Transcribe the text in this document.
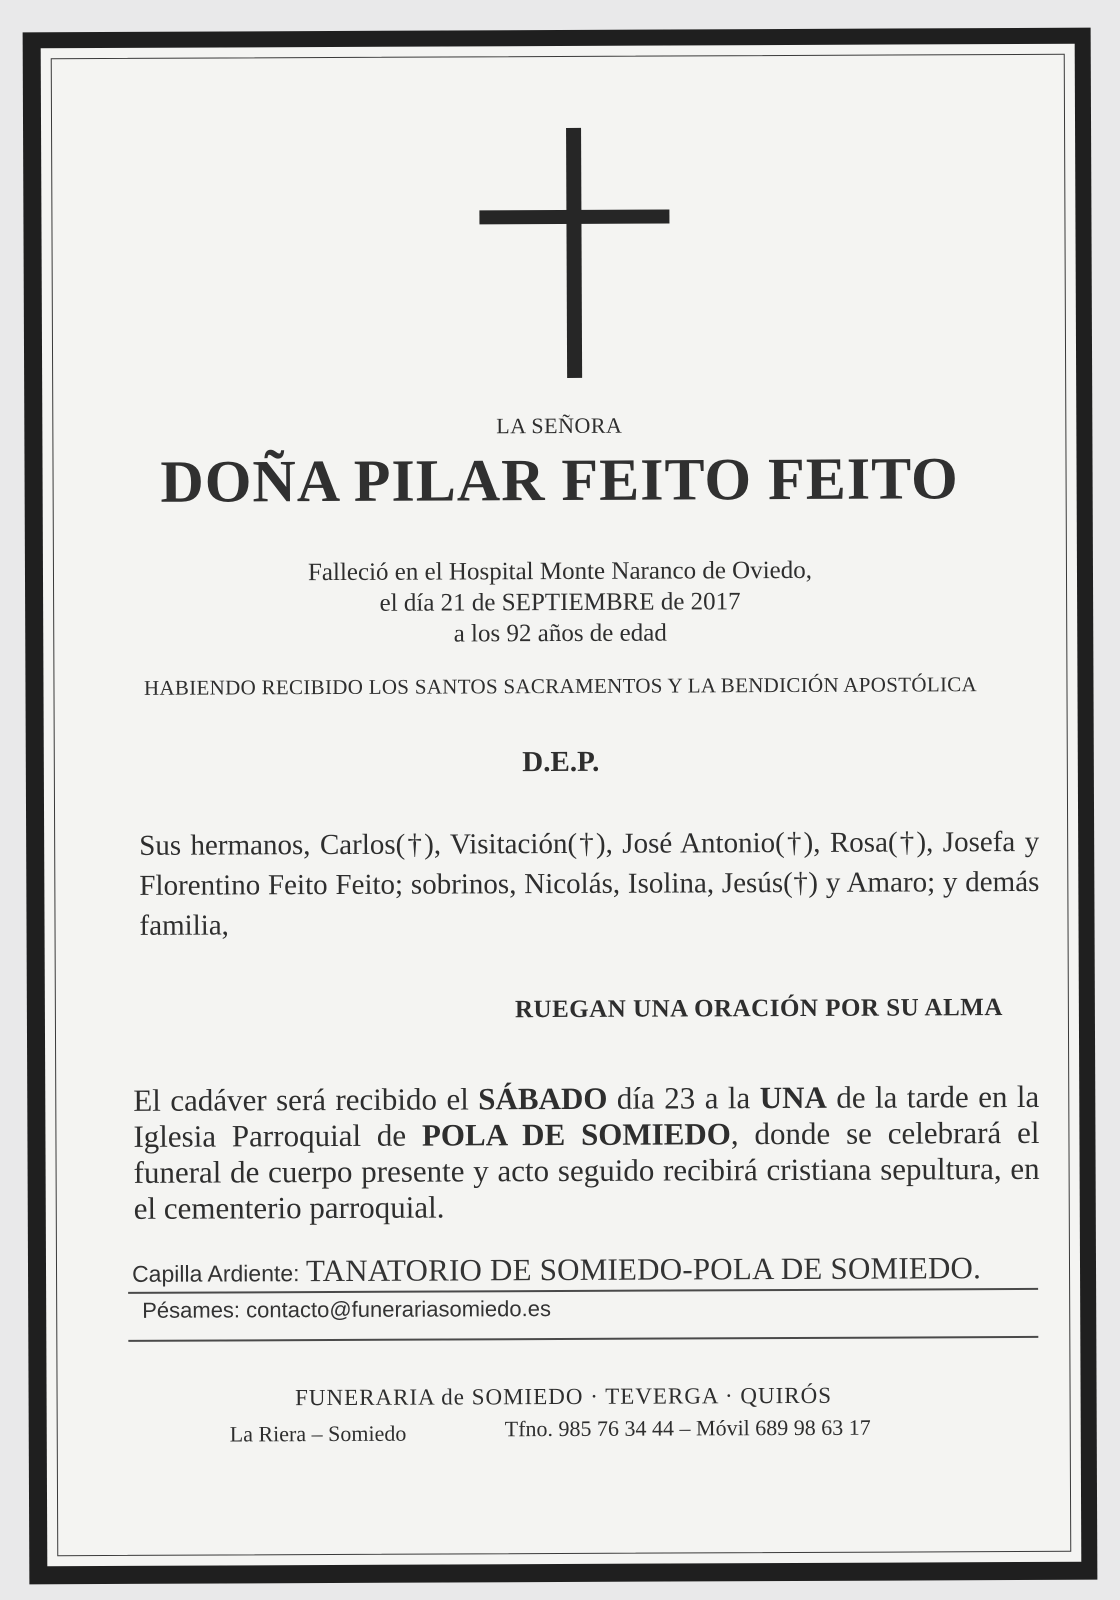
LA SEÑORA
DOÑA PILAR FEITO FEITO
Falleció en el Hospital Monte Naranco de Oviedo,
el día 21 de SEPTIEMBRE de 2017
a los 92 años de edad
HABIENDO RECIBIDO LOS SANTOS SACRAMENTOS Y LA BENDICIÓN APOSTÓLICA
D.E.P.
Sus hermanos, Carlos(†), Visitación(†), José Antonio(†), Rosa(†), Josefa y Florentino Feito Feito; sobrinos, Nicolás, Isolina, Jesús(†) y Amaro; y demás familia,
RUEGAN UNA ORACIÓN POR SU ALMA
El cadáver será recibido el SÁBADO día 23 a la UNA de la tarde en la Iglesia Parroquial de POLA DE SOMIEDO, donde se celebrará el funeral de cuerpo presente y acto seguido recibirá cristiana sepultura, en el cementerio parroquial.
Capilla Ardiente: TANATORIO DE SOMIEDO-POLA DE SOMIEDO.
Pésames: contacto@funerariasomiedo.es
FUNERARIA de SOMIEDO · TEVERGA · QUIRÓS
La Riera – Somiedo	Tfno. 985 76 34 44 – Móvil 689 98 63 17
